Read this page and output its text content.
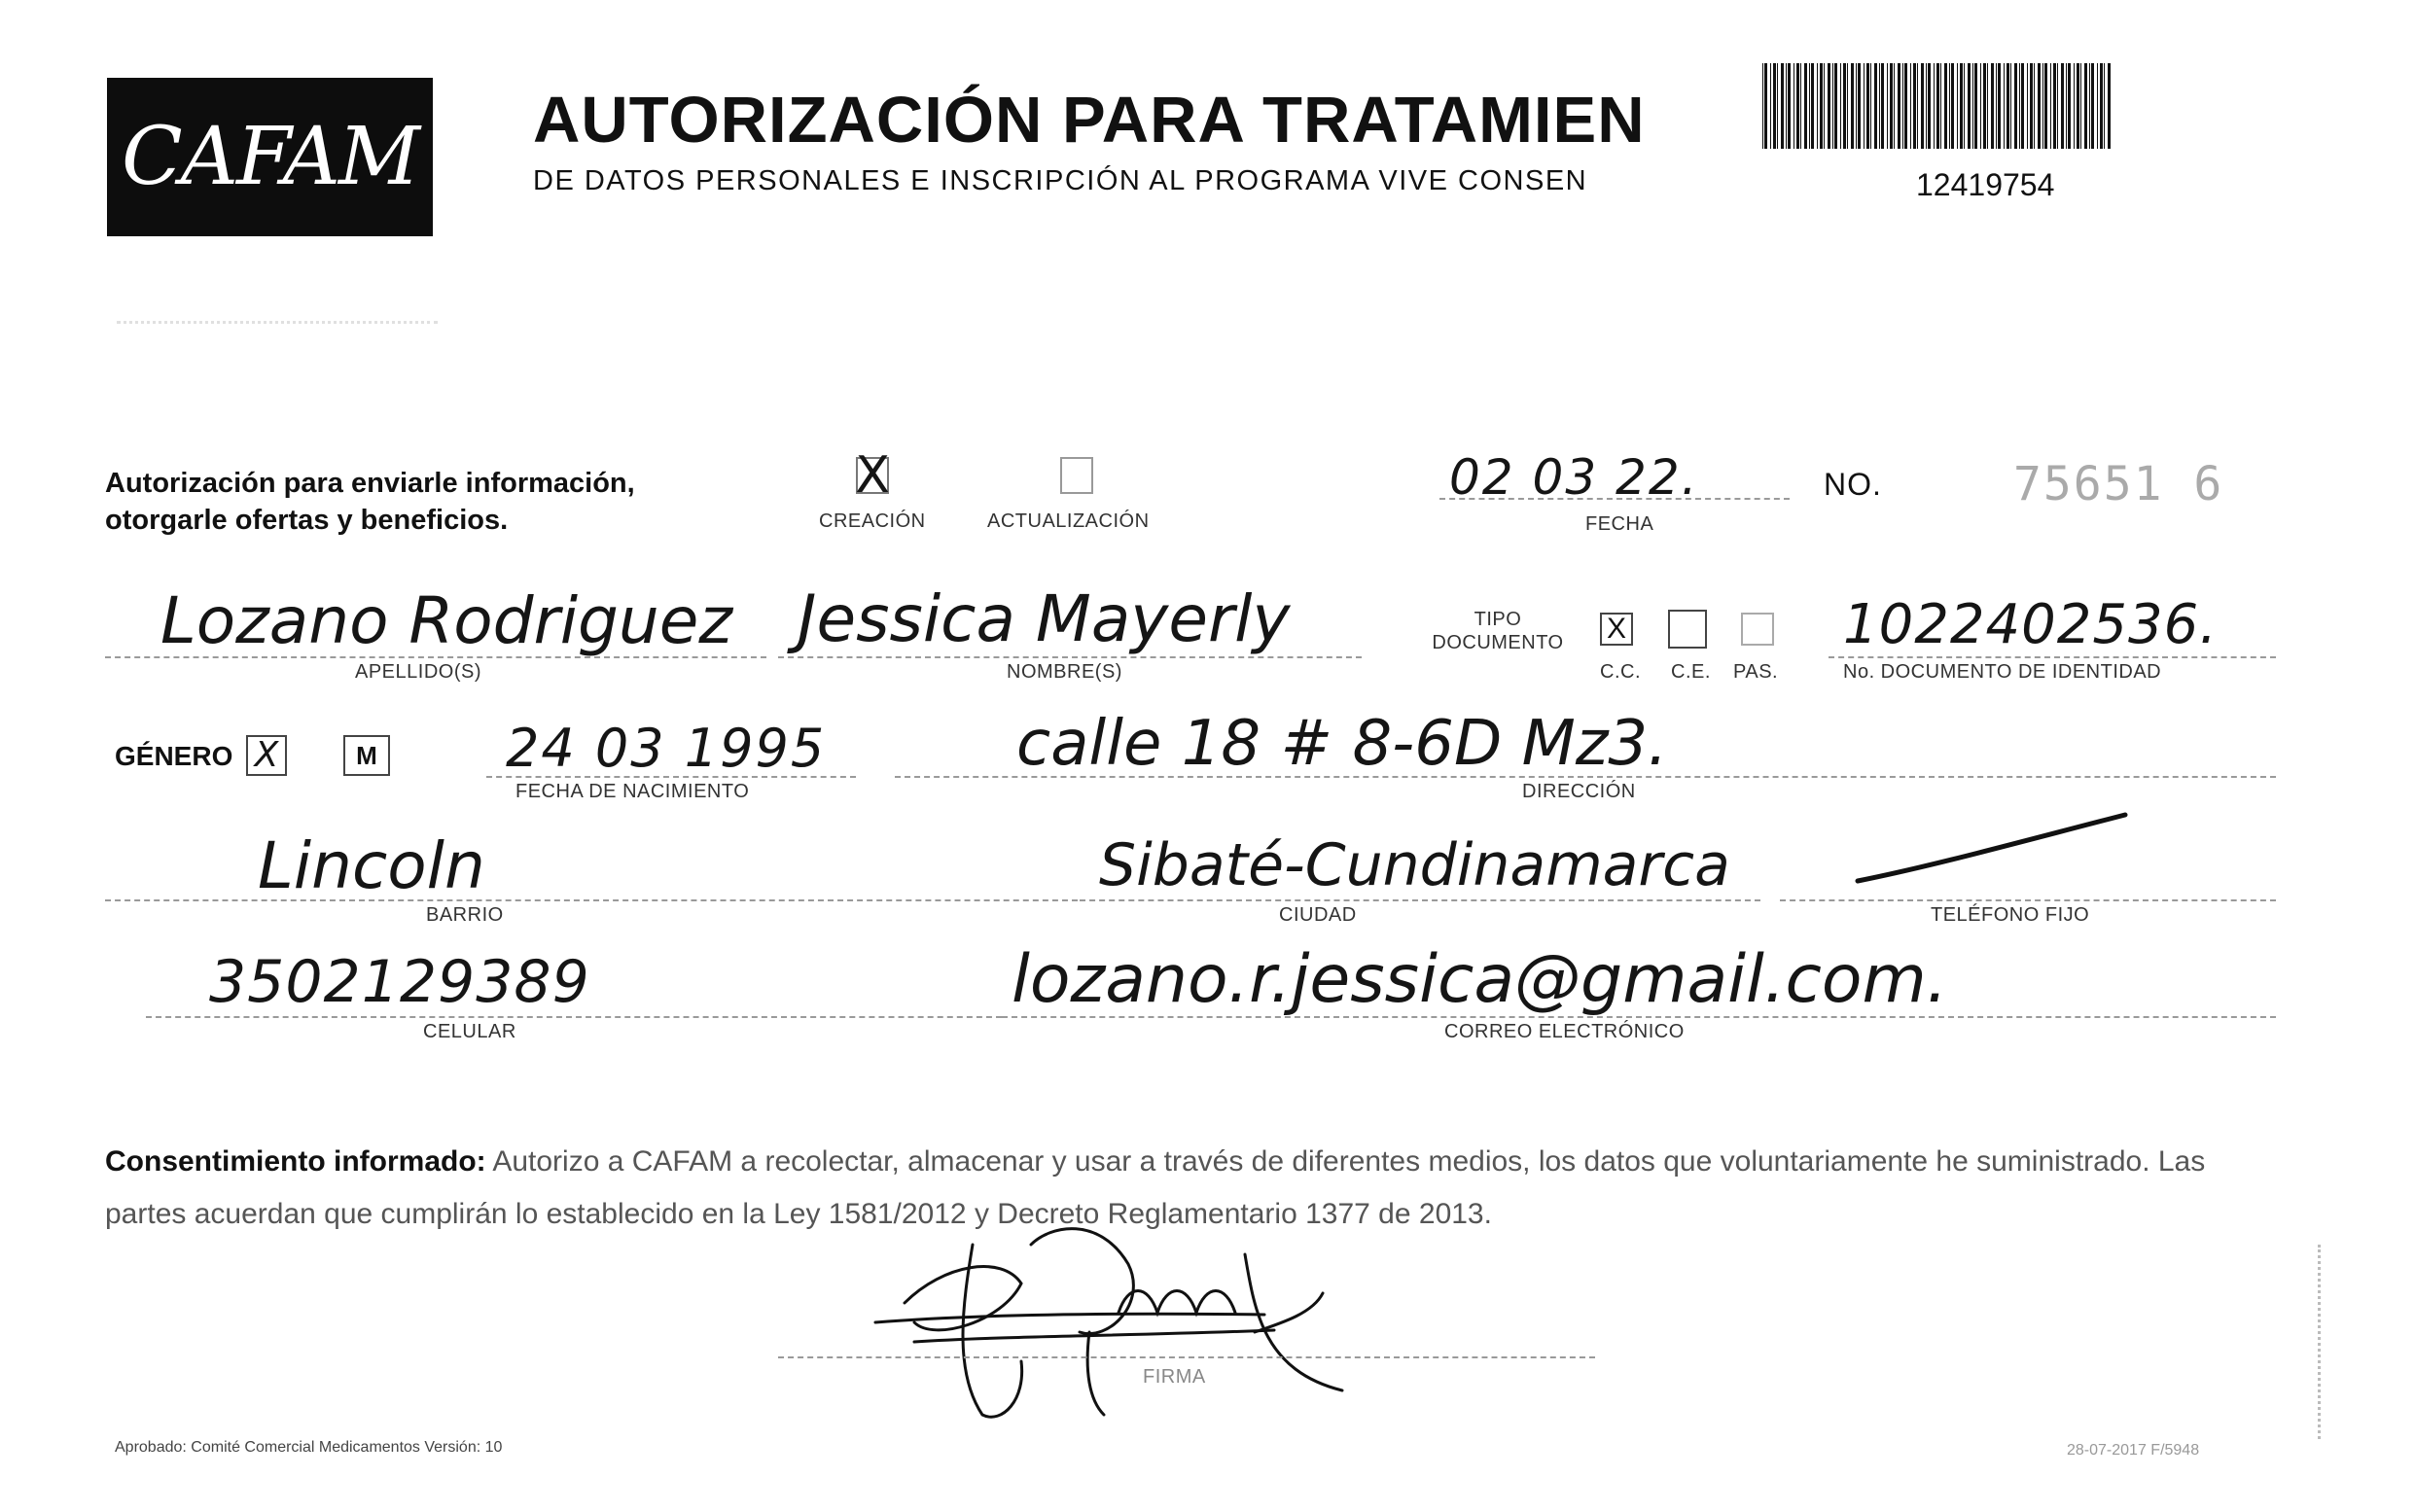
CAFAM AUTORIZACIÓN PARA TRATAMIEN
DE DATOS PERSONALES E INSCRIPCIÓN AL PROGRAMA VIVE CONSEN	12419754
Autorización para enviarle información, otorgarle ofertas y beneficios.
X
CREACIÓN	ACTUALIZACIÓN
02 03 22.
FECHA
NO.	75651 6
Lozano Rodriguez
APELLIDO(S)
Jessica Mayerly
NOMBRE(S)
TIPO DOCUMENTO	X
C.C. C.E. PAS.
1022402536.
No. DOCUMENTO DE IDENTIDAD
GÉNERO X	M 24 03 1995
FECHA DE NACIMIENTO
calle 18 # 8-6D Mz3.
DIRECCIÓN
Lincoln
BARRIO
Sibaté-Cundinamarca
CIUDAD	TELÉFONO FIJO
3502129389
CELULAR
lozano.r.jessica@gmail.com.
CORREO ELECTRÓNICO
Consentimiento informado: Autorizo a CAFAM a recolectar, almacenar y usar a través de diferentes medios, los datos que voluntariamente he suministrado. Las partes acuerdan que cumplirán lo establecido en la Ley 1581/2012 y Decreto Reglamentario 1377 de 2013.
FIRMA
Aprobado: Comité Comercial Medicamentos Versión: 10	28-07-2017 F/5948
